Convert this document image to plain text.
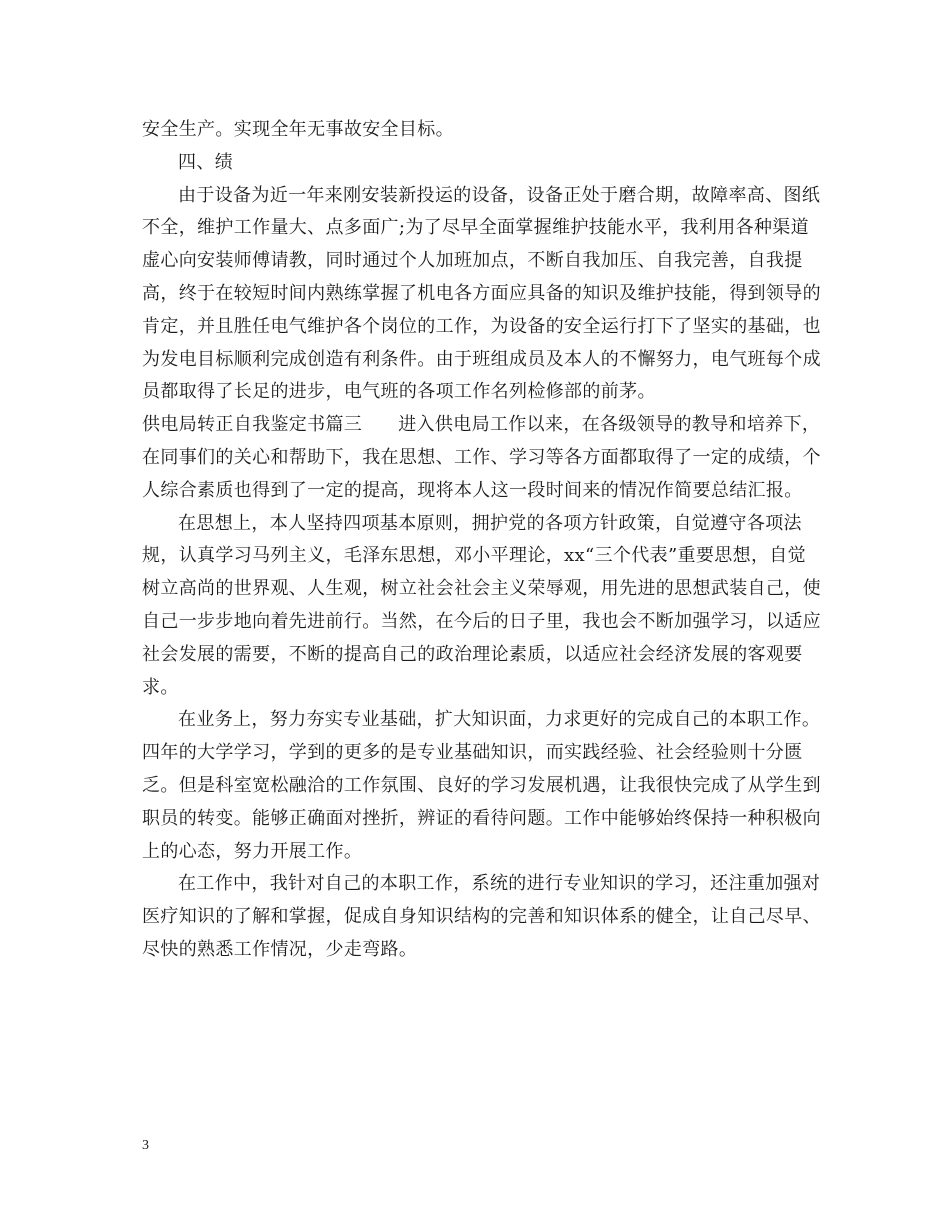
安全生产。实现全年无事故安全目标。

四、绩

由于设备为近一年来刚安装新投运的设备，设备正处于磨合期，故障率高、图纸不全，维护工作量大、点多面广;为了尽早全面掌握维护技能水平，我利用各种渠道虚心向安装师傅请教，同时通过个人加班加点，不断自我加压、自我完善，自我提高，终于在较短时间内熟练掌握了机电各方面应具备的知识及维护技能，得到领导的肯定，并且胜任电气维护各个岗位的工作，为设备的安全运行打下了坚实的基础，也为发电目标顺利完成创造有利条件。由于班组成员及本人的不懈努力，电气班每个成员都取得了长足的进步，电气班的各项工作名列检修部的前茅。

供电局转正自我鉴定书篇三 进入供电局工作以来，在各级领导的教导和培养下，在同事们的关心和帮助下，我在思想、工作、学习等各方面都取得了一定的成绩，个人综合素质也得到了一定的提高，现将本人这一段时间来的情况作简要总结汇报。

在思想上，本人坚持四项基本原则，拥护党的各项方针政策，自觉遵守各项法规，认真学习马列主义，毛泽东思想，邓小平理论，xx“三个代表”重要思想，自觉树立高尚的世界观、人生观，树立社会社会主义荣辱观，用先进的思想武装自己，使自己一步步地向着先进前行。当然，在今后的日子里，我也会不断加强学习，以适应社会发展的需要，不断的提高自己的政治理论素质，以适应社会经济发展的客观要求。

在业务上，努力夯实专业基础，扩大知识面，力求更好的完成自己的本职工作。四年的大学学习，学到的更多的是专业基础知识，而实践经验、社会经验则十分匮乏。但是科室宽松融洽的工作氛围、良好的学习发展机遇，让我很快完成了从学生到职员的转变。能够正确面对挫折，辨证的看待问题。工作中能够始终保持一种积极向上的心态，努力开展工作。

在工作中，我针对自己的本职工作，系统的进行专业知识的学习，还注重加强对医疗知识的了解和掌握，促成自身知识结构的完善和知识体系的健全，让自己尽早、尽快的熟悉工作情况，少走弯路。

3
